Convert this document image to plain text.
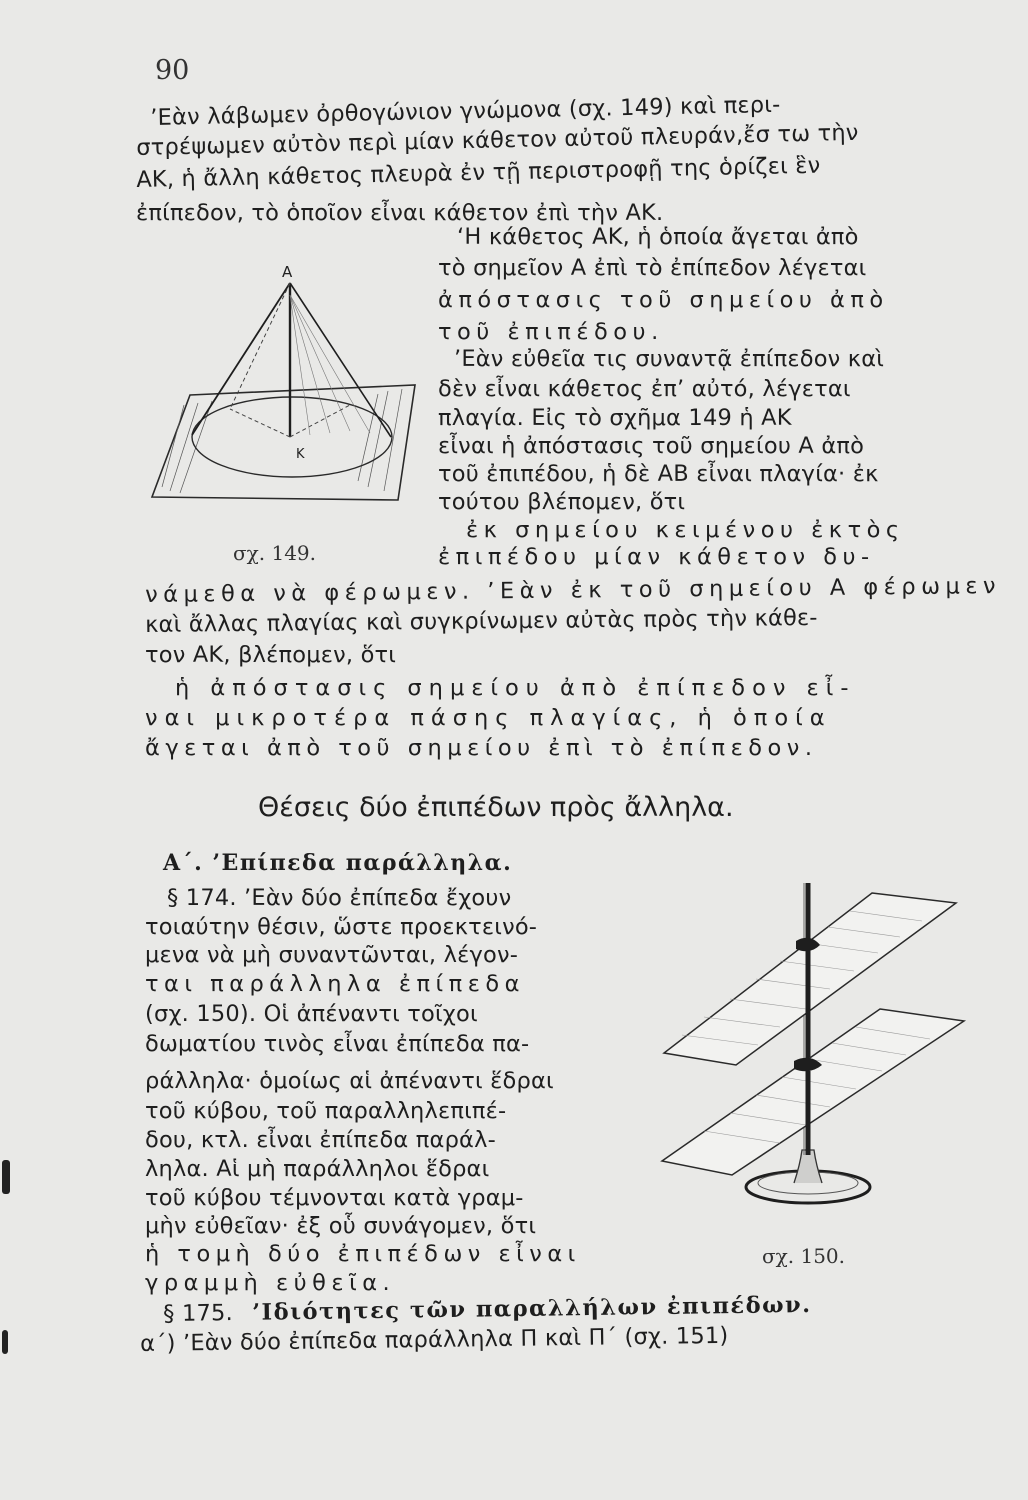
90
’Εὰν λάβωμεν ὀρθογώνιον γνώμονα (σχ. 149) καὶ περι-
στρέψωμεν αὐτὸν περὶ μίαν κάθετον αὐτοῦ πλευράν,ἔσ τω τὴν
ΑΚ, ἡ ἄλλη κάθετος πλευρὰ ἐν τῇ περιστροφῇ της ὁρίζει ἓν
ἐπίπεδον, τὸ ὁποῖον εἶναι κάθετον ἐπὶ τὴν ΑΚ.
‘Η κάθετος ΑΚ, ἡ ὁποία ἄγεται ἀπὸ
τὸ σημεῖον Α ἐπὶ τὸ ἐπίπεδον λέγεται
ἀπόστασις τοῦ σημείου ἀπὸ
τοῦ ἐπιπέδου.
’Εὰν εὐθεῖα τις συναντᾷ ἐπίπεδον καὶ
δὲν εἶναι κάθετος ἐπ’ αὐτό, λέγεται
πλαγία. Εἰς τὸ σχῆμα 149 ἡ ΑΚ
εἶναι ἡ ἀπόστασις τοῦ σημείου Α ἀπὸ
τοῦ ἐπιπέδου, ἡ δὲ ΑΒ εἶναι πλαγία· ἐκ
τούτου βλέπομεν, ὅτι
ἐκ σημείου κειμένου ἐκτὸς
ἐπιπέδου μίαν κάθετον δυ-
Α
Κ
σχ. 149.
νάμεθα νὰ φέρωμεν. ’Εὰν ἐκ τοῦ σημείου Α φέρωμεν
καὶ ἄλλας πλαγίας καὶ συγκρίνωμεν αὐτὰς πρὸς τὴν κάθε-
τον ΑΚ, βλέπομεν, ὅτι
ἡ ἀπόστασις σημείου ἀπὸ ἐπίπεδον εἶ-
ναι μικροτέρα πάσης πλαγίας, ἡ ὁποία
ἄγεται ἀπὸ τοῦ σημείου ἐπὶ τὸ ἐπίπεδον.
Θέσεις δύο ἐπιπέδων πρὸς ἄλληλα.
Α΄. ’Επίπεδα παράλληλα.
§ 174. ’Εὰν δύο ἐπίπεδα ἔχουν
τοιαύτην θέσιν, ὥστε προεκτεινό-
μενα νὰ μὴ συναντῶνται, λέγον-
ται παράλληλα ἐπίπεδα
(σχ. 150). Οἱ ἀπέναντι τοῖχοι
δωματίου τινὸς εἶναι ἐπίπεδα πα-
ράλληλα· ὁμοίως αἱ ἀπέναντι ἕδραι
τοῦ κύβου, τοῦ παραλληλεπιπέ-
δου, κτλ. εἶναι ἐπίπεδα παράλ-
ληλα. Αἱ μὴ παράλληλοι ἕδραι
τοῦ κύβου τέμνονται κατὰ γραμ-
μὴν εὐθεῖαν· ἐξ οὗ συνάγομεν, ὅτι
ἡ τομὴ δύο ἐπιπέδων εἶναι
γραμμὴ εὐθεῖα.
σχ. 150.
§ 175. ’Ιδιότητες τῶν παραλλήλων ἐπιπέδων.
α΄) ’Εὰν δύο ἐπίπεδα παράλληλα Π καὶ Π΄ (σχ. 151)
